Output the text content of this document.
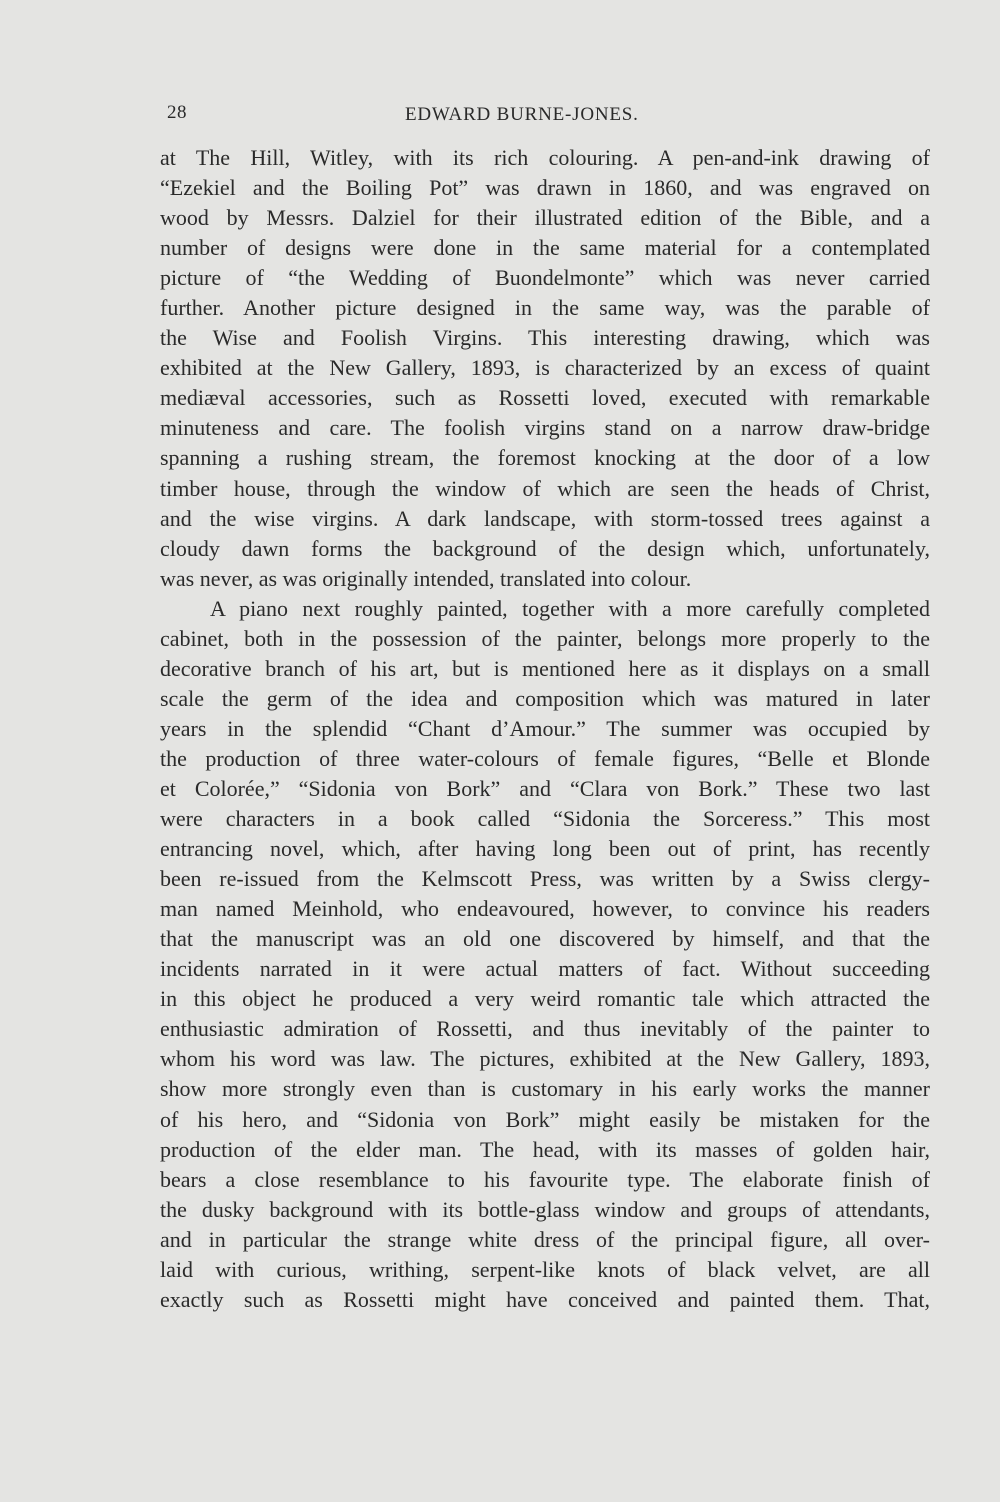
28	EDWARD BURNE-JONES.
at The Hill, Witley, with its rich colouring. A pen-and-ink drawing of
“Ezekiel and the Boiling Pot” was drawn in 1860, and was engraved on
wood by Messrs. Dalziel for their illustrated edition of the Bible, and a
number of designs were done in the same material for a contemplated
picture of “the Wedding of Buondelmonte” which was never carried
further. Another picture designed in the same way, was the parable of
the Wise and Foolish Virgins. This interesting drawing, which was
exhibited at the New Gallery, 1893, is characterized by an excess of quaint
mediæval accessories, such as Rossetti loved, executed with remarkable
minuteness and care. The foolish virgins stand on a narrow draw-bridge
spanning a rushing stream, the foremost knocking at the door of a low
timber house, through the window of which are seen the heads of Christ,
and the wise virgins. A dark landscape, with storm-tossed trees against a
cloudy dawn forms the background of the design which, unfortunately,
was never, as was originally intended, translated into colour.
A piano next roughly painted, together with a more carefully completed
cabinet, both in the possession of the painter, belongs more properly to the
decorative branch of his art, but is mentioned here as it displays on a small
scale the germ of the idea and composition which was matured in later
years in the splendid “Chant d’Amour.” The summer was occupied by
the production of three water-colours of female figures, “Belle et Blonde
et Colorée,” “Sidonia von Bork” and “Clara von Bork.” These two last
were characters in a book called “Sidonia the Sorceress.” This most
entrancing novel, which, after having long been out of print, has recently
been re-issued from the Kelmscott Press, was written by a Swiss clergy-
man named Meinhold, who endeavoured, however, to convince his readers
that the manuscript was an old one discovered by himself, and that the
incidents narrated in it were actual matters of fact. Without succeeding
in this object he produced a very weird romantic tale which attracted the
enthusiastic admiration of Rossetti, and thus inevitably of the painter to
whom his word was law. The pictures, exhibited at the New Gallery, 1893,
show more strongly even than is customary in his early works the manner
of his hero, and “Sidonia von Bork” might easily be mistaken for the
production of the elder man. The head, with its masses of golden hair,
bears a close resemblance to his favourite type. The elaborate finish of
the dusky background with its bottle-glass window and groups of attendants,
and in particular the strange white dress of the principal figure, all over-
laid with curious, writhing, serpent-like knots of black velvet, are all
exactly such as Rossetti might have conceived and painted them. That,
